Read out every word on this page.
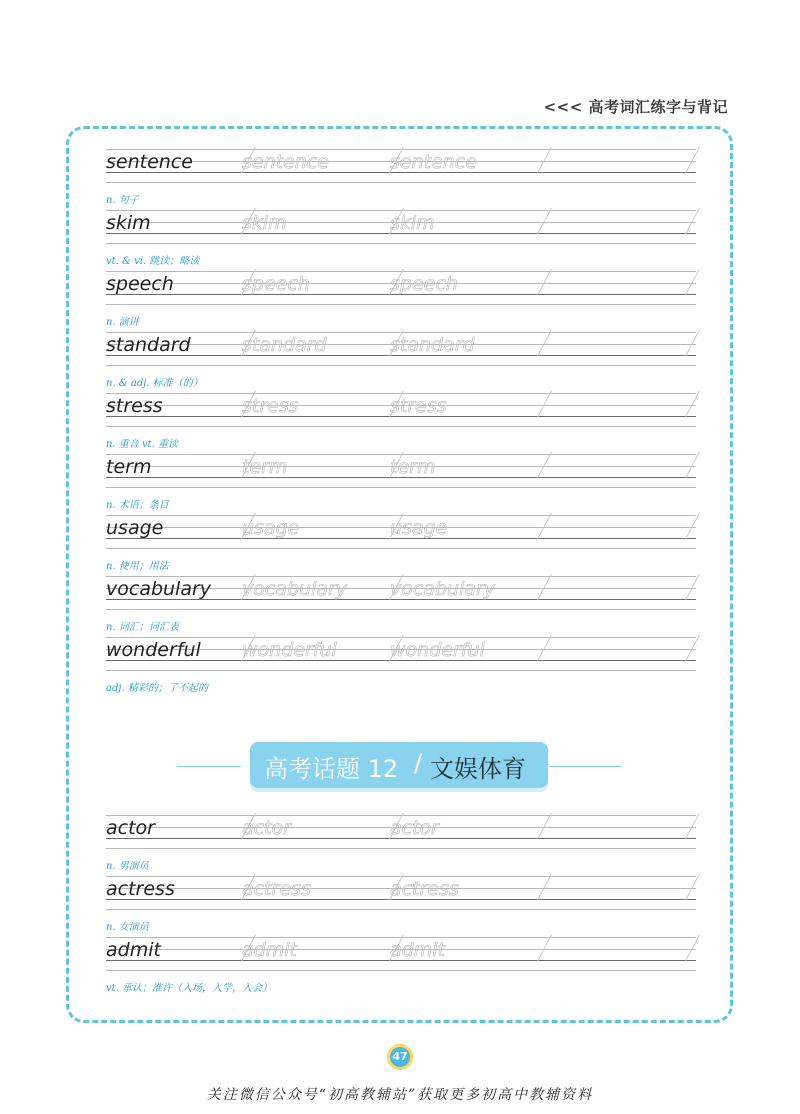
<<< 高考词汇练字与背记
sentence	sentence	sentence
n. 句子
skim	skim	skim
vt. & vi. 跳读；略读
speech	speech	speech
n. 演讲
standard	standard	standard
n. & adj. 标准（的）
stress	stress	stress
n. 重音 vt. 重读
term	term	term
n. 术语；条目
usage	usage	usage
n. 使用；用法
vocabulary vocabulary vocabulary
n. 词汇；词汇表
wonderful wonderful	wonderful
adj. 精彩的；了不起的
高考话题 12 / 文娱体育
actor	actor	actor
n. 男演员
actress	actress	actress
n. 女演员
admit	admit	admit
vt. 承认；准许（入场，入学，入会）
47
关注微信公众号“初高教辅站”获取更多初高中教辅资料
